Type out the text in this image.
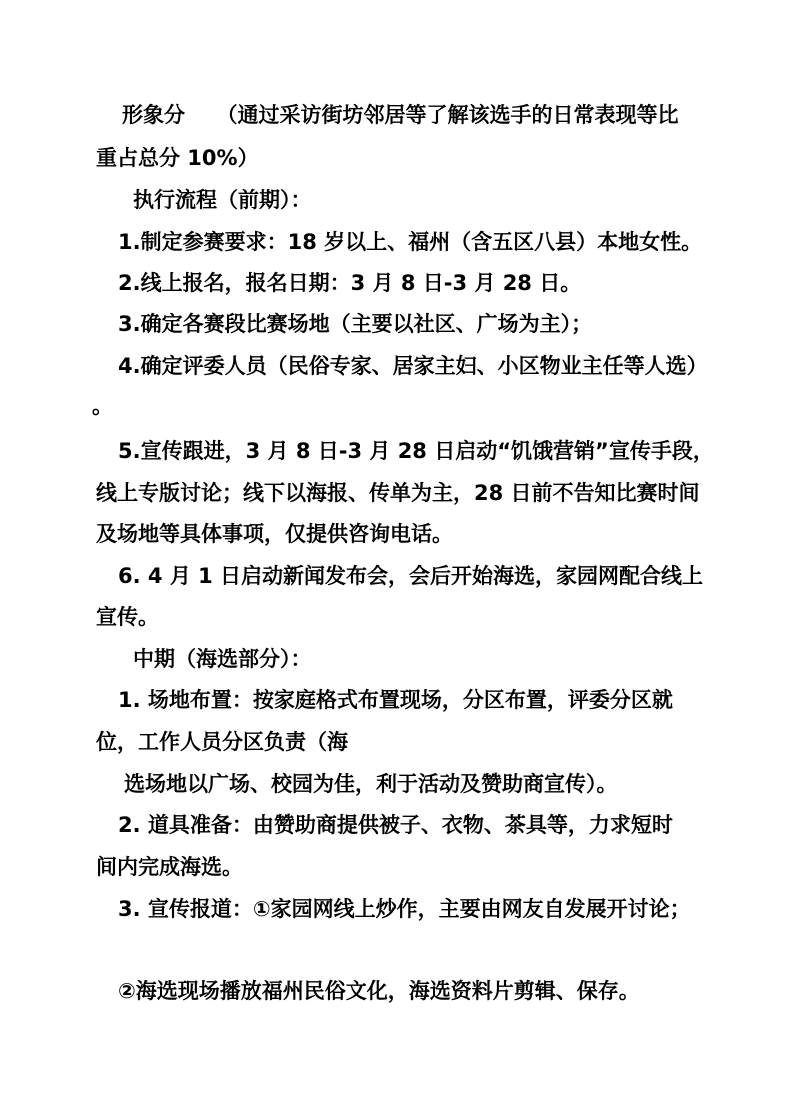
形象分　　（通过采访街坊邻居等了解该选手的日常表现等比
重占总分 10%）
执行流程（前期）：
1.制定参赛要求：18 岁以上、福州（含五区八县）本地女性。
2.线上报名，报名日期：3 月 8 日-3 月 28 日。
3.确定各赛段比赛场地（主要以社区、广场为主）；
4.确定评委人员（民俗专家、居家主妇、小区物业主任等人选）
。
5.宣传跟进，3 月 8 日-3 月 28 日启动“饥饿营销”宣传手段，
线上专版讨论；线下以海报、传单为主，28 日前不告知比赛时间
及场地等具体事项，仅提供咨询电话。
6. 4 月 1 日启动新闻发布会，会后开始海选，家园网配合线上
宣传。
中期（海选部分）：
1. 场地布置：按家庭格式布置现场，分区布置，评委分区就
位，工作人员分区负责（海
选场地以广场、校园为佳，利于活动及赞助商宣传）。
2. 道具准备：由赞助商提供被子、衣物、茶具等，力求短时
间内完成海选。
3. 宣传报道：①家园网线上炒作，主要由网友自发展开讨论；
②海选现场播放福州民俗文化，海选资料片剪辑、保存。
